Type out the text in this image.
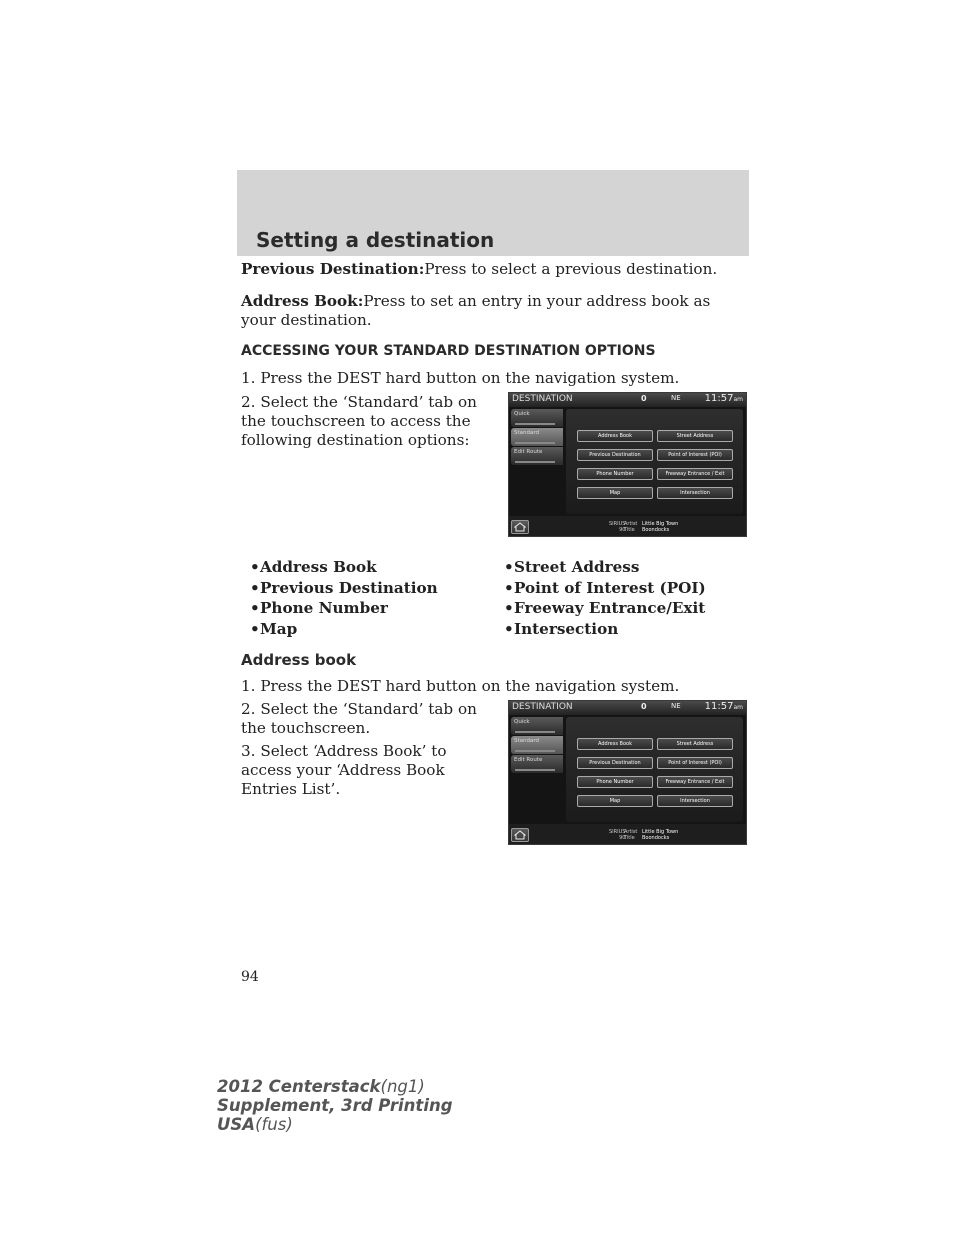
Setting a destination

Previous Destination:Press to select a previous destination.

Address Book:Press to set an entry in your address book as your destination.

ACCESSING YOUR STANDARD DESTINATION OPTIONS

1. Press the DEST hard button on the navigation system.

2. Select the ‘Standard’ tab on the touchscreen to access the following destination options:

DESTINATION	0	NE 11:57am
Quick
Standard
Edit Route
Address Book	Street Address
Previous Destination	Point of Interest (POI)
Phone Number	Freeway Entrance / Exit
Map	Intersection
SIRIUS
90
Artist
Title
Little Big Town
Boondocks
•Address Book
•Previous Destination
•Phone Number
•Map
•Street Address
•Point of Interest (POI)
•Freeway Entrance/Exit
•Intersection
Address book

1. Press the DEST hard button on the navigation system.

2. Select the ‘Standard’ tab on the touchscreen.

3. Select ‘Address Book’ to access your ‘Address Book Entries List’.

DESTINATION	0	NE 11:57am
Quick
Standard
Edit Route
Address Book	Street Address
Previous Destination	Point of Interest (POI)
Phone Number	Freeway Entrance / Exit
Map	Intersection
SIRIUS
90
Artist
Title
Little Big Town
Boondocks
94
2012 Centerstack(ng1)
Supplement, 3rd Printing
USA(fus)
